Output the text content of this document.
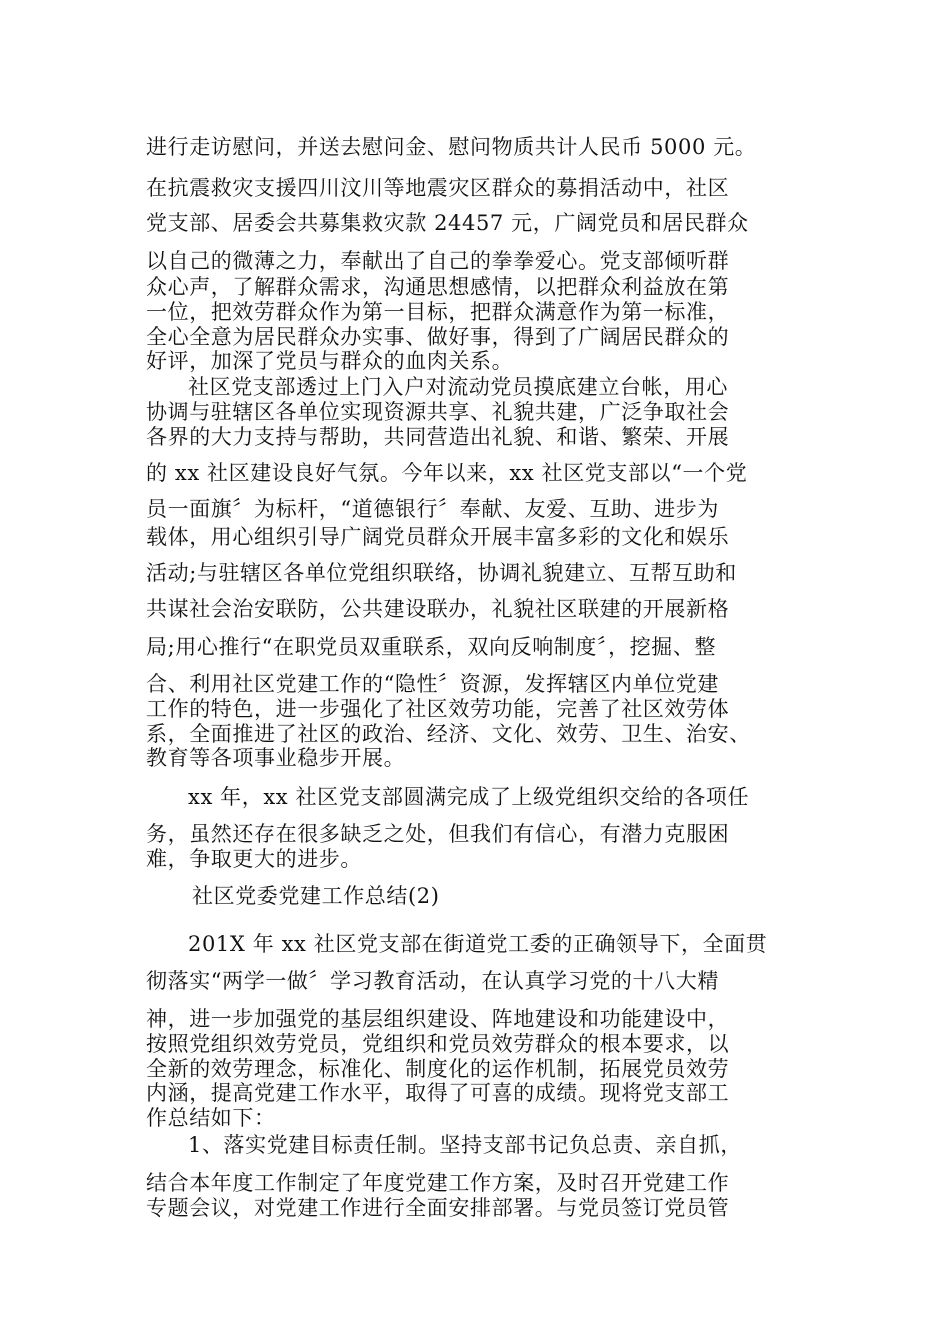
进行走访慰问，并送去慰问金、慰问物质共计人民币 5000 元。

在抗震救灾支援四川汶川等地震灾区群众的募捐活动中，社区

党支部、居委会共募集救灾款 24457 元，广阔党员和居民群众

以自己的微薄之力，奉献出了自己的拳拳爱心。党支部倾听群

众心声，了解群众需求，沟通思想感情，以把群众利益放在第

一位，把效劳群众作为第一目标，把群众满意作为第一标准，

全心全意为居民群众办实事、做好事，得到了广阔居民群众的

好评，加深了党员与群众的血肉关系。

社区党支部透过上门入户对流动党员摸底建立台帐，用心

协调与驻辖区各单位实现资源共享、礼貌共建，广泛争取社会

各界的大力支持与帮助，共同营造出礼貌、和谐、繁荣、开展

的 xx 社区建设良好气氛。今年以来，xx 社区党支部以“一个党

员一面旗〞为标杆，“道德银行〞奉献、友爱、互助、进步为

载体，用心组织引导广阔党员群众开展丰富多彩的文化和娱乐

活动;与驻辖区各单位党组织联络，协调礼貌建立、互帮互助和

共谋社会治安联防，公共建设联办，礼貌社区联建的开展新格

局;用心推行“在职党员双重联系，双向反响制度〞，挖掘、整

合、利用社区党建工作的“隐性〞资源，发挥辖区内单位党建

工作的特色，进一步强化了社区效劳功能，完善了社区效劳体

系，全面推进了社区的政治、经济、文化、效劳、卫生、治安、

教育等各项事业稳步开展。

xx 年，xx 社区党支部圆满完成了上级党组织交给的各项任

务，虽然还存在很多缺乏之处，但我们有信心，有潜力克服困

难，争取更大的进步。

社区党委党建工作总结(2)

201X 年 xx 社区党支部在街道党工委的正确领导下，全面贯

彻落实“两学一做〞学习教育活动，在认真学习党的十八大精

神，进一步加强党的基层组织建设、阵地建设和功能建设中，

按照党组织效劳党员，党组织和党员效劳群众的根本要求，以

全新的效劳理念，标准化、制度化的运作机制，拓展党员效劳

内涵，提高党建工作水平，取得了可喜的成绩。现将党支部工

作总结如下：

1、落实党建目标责任制。坚持支部书记负总责、亲自抓，

结合本年度工作制定了年度党建工作方案，及时召开党建工作

专题会议，对党建工作进行全面安排部署。与党员签订党员管
